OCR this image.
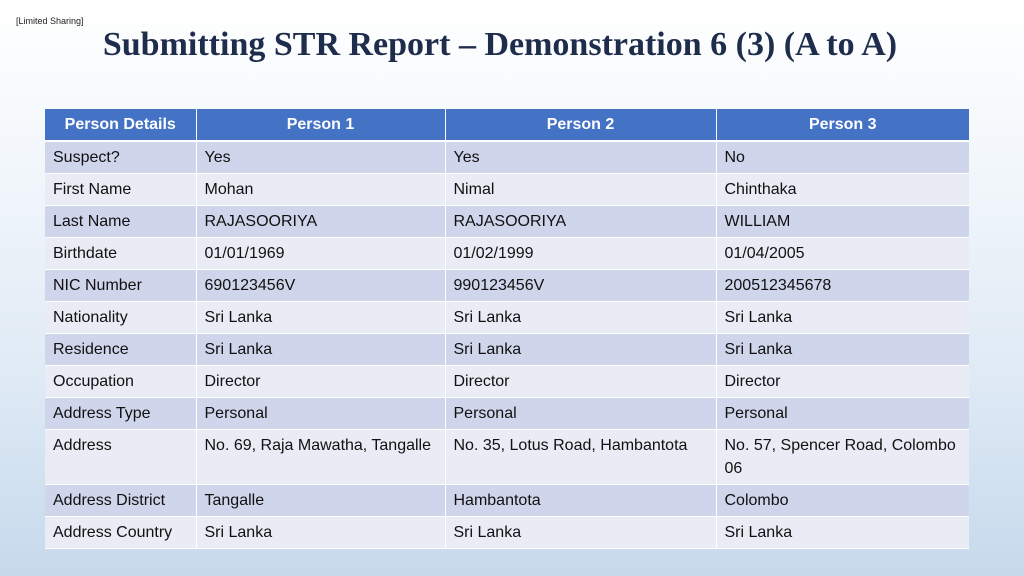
[Limited Sharing]
Submitting STR Report – Demonstration 6 (3) (A to A)
Person Details	Person 1	Person 2	Person 3
Suspect?	Yes	Yes	No
First Name	Mohan	Nimal	Chinthaka
Last Name	RAJASOORIYA	RAJASOORIYA	WILLIAM
Birthdate	01/01/1969	01/02/1999	01/04/2005
NIC Number	690123456V	990123456V	200512345678
Nationality	Sri Lanka	Sri Lanka	Sri Lanka
Residence	Sri Lanka	Sri Lanka	Sri Lanka
Occupation	Director	Director	Director
Address Type	Personal	Personal	Personal
Address	No. 69, Raja Mawatha, Tangalle	No. 35, Lotus Road, Hambantota	No. 57, Spencer Road, Colombo 06
Address District	Tangalle	Hambantota	Colombo
Address Country	Sri Lanka	Sri Lanka	Sri Lanka
